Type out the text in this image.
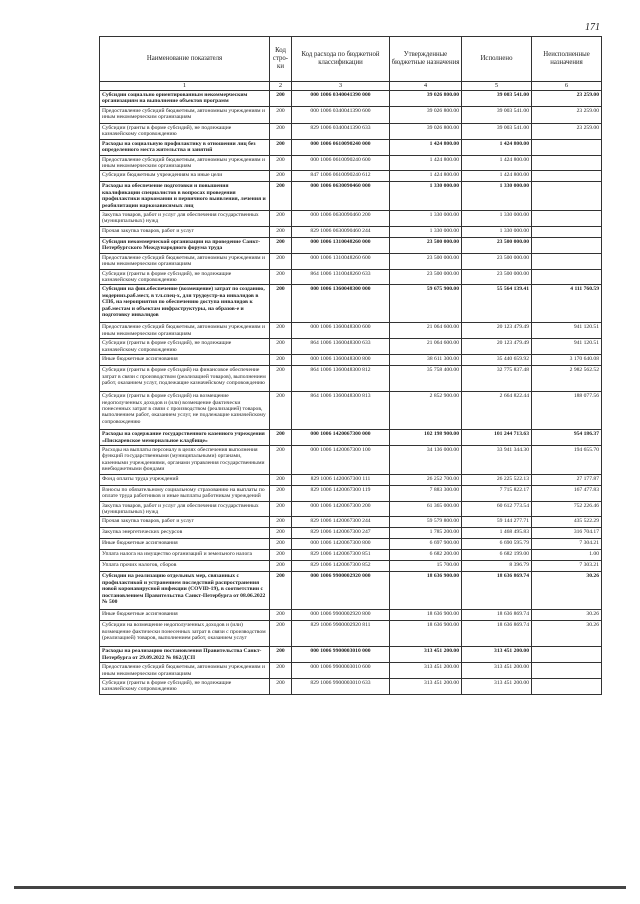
171
Наименование показателя	Код стро-ки	Код расхода по бюджетной классификации	Утвержденные бюджетные назначения	Исполнено	Неисполненные назначения
1	2	3	4	5	6
Субсидии социально ориентированным некоммерческим организациям на выполнение объектов программ	200	000 1006 0340041390 000	39 026 800.00	39 003 541.00	23 259.00
Предоставление субсидий бюджетным, автономным учреждениям и иным некоммерческим организациям	200	000 1006 0340041390 600	39 026 800.00	39 003 541.00	23 259.00
Субсидии (гранты в форме субсидий), не подлежащие казначейскому сопровождению	200	829 1006 0340041390 633	39 026 800.00	39 003 541.00	23 259.00
Расходы на социальную профилактику в отношении лиц без определенного места жительства и занятий	200	000 1006 0610090240 000	1 424 800.00	1 424 800.00	
Предоставление субсидий бюджетным, автономным учреждениям и иным некоммерческим организациям	200	000 1006 0610090240 600	1 424 800.00	1 424 800.00	
Субсидии бюджетным учреждениям на иные цели	200	847 1006 0610090240 612	1 424 800.00	1 424 800.00	
Расходы на обеспечение подготовки и повышения квалификации специалистов в вопросах проведения профилактики наркомании и первичного выявления, лечения и реабилитации наркозависимых лиц	200	000 1006 0630090460 000	1 330 000.00	1 330 000.00	
Закупка товаров, работ и услуг для обеспечения государственных (муниципальных) нужд	200	000 1006 0630090460 200	1 330 000.00	1 330 000.00	
Прочая закупка товаров, работ и услуг	200	829 1006 0630090460 244	1 330 000.00	1 330 000.00	
Субсидия некоммерческой организации на проведение Санкт-Петербургского Международного форума труда	200	000 1006 1310048260 000	23 500 000.00	23 500 000.00	
Предоставление субсидий бюджетным, автономным учреждениям и иным некоммерческим организациям	200	000 1006 1310048260 600	23 500 000.00	23 500 000.00	
Субсидии (гранты в форме субсидий), не подлежащие казначейскому сопровождению	200	864 1006 1310048260 633	23 500 000.00	23 500 000.00	
Субсидии на фин.обеспечение (возмещение) затрат по созданию, модерниз.раб.мест, в т.ч.спец-х, для трудоустр-ва инвалидов в СПб, на мероприятия по обеспечению доступа инвалидов к раб.местам и объектам инфраструктуры, на образов-е и подготовку инвалидов	200	000 1006 1360048300 000	59 675 900.00	55 564 139.41	4 111 760.59
Предоставление субсидий бюджетным, автономным учреждениям и иным некоммерческим организациям	200	000 1006 1360048300 600	21 064 600.00	20 123 479.49	941 120.51
Субсидии (гранты в форме субсидий), не подлежащие казначейскому сопровождению	200	864 1006 1360048300 633	21 064 600.00	20 123 479.49	941 120.51
Иные бюджетные ассигнования	200	000 1006 1360048300 800	38 611 300.00	35 440 659.92	3 170 640.08
Субсидии (гранты в форме субсидий) на финансовое обеспечение затрат в связи с производством (реализацией товаров), выполнением работ, оказанием услуг, подлежащие казначейскому сопровождению	200	864 1006 1360048300 812	35 758 400.00	32 775 837.48	2 982 562.52
Субсидии (гранты в форме субсидий) на возмещение недополученных доходов и (или) возмещение фактически понесенных затрат в связи с производством (реализацией) товаров, выполнением работ, оказанием услуг, не подлежащие казначейскому сопровождению	200	864 1006 1360048300 813	2 852 900.00	2 664 822.44	188 077.56
Расходы на содержание государственного казенного учреждения «Пискаревское мемориальное кладбище»	200	000 1006 1420067300 000	102 198 900.00	101 244 713.63	954 186.37
Расходы на выплаты персоналу в целях обеспечения выполнения функций государственными (муниципальными) органами, казенными учреждениями, органами управления государственными внебюджетными фондами	200	000 1006 1420067300 100	34 136 000.00	33 941 344.30	194 655.70
Фонд оплаты труда учреждений	200	829 1006 1420067300 111	26 252 700.00	26 225 522.13	27 177.87
Взносы по обязательному социальному страхованию на выплаты по оплате труда работников и иные выплаты работникам учреждений	200	829 1006 1420067300 119	7 883 300.00	7 715 822.17	167 477.83
Закупка товаров, работ и услуг для обеспечения государственных (муниципальных) нужд	200	000 1006 1420067300 200	61 365 000.00	60 612 773.54	752 226.46
Прочая закупка товаров, работ и услуг	200	829 1006 1420067300 244	59 579 800.00	59 144 277.71	435 522.29
Закупка энергетических ресурсов	200	829 1006 1420067300 247	1 785 200.00	1 468 495.83	316 704.17
Иные бюджетные ассигнования	200	000 1006 1420067300 800	6 697 900.00	6 690 595.79	7 304.21
Уплата налога на имущество организаций и земельного налога	200	829 1006 1420067300 851	6 682 200.00	6 682 199.00	1.00
Уплата прочих налогов, сборов	200	829 1006 1420067300 852	15 700.00	8 396.79	7 303.21
Субсидии на реализацию отдельных мер, связанных с профилактикой и устранением последствий распространения новой коронавирусной инфекции (COVID-19), в соответствии с постановлением Правительства Санкт-Петербурга от 08.06.2022 № 500	200	000 1006 9900002920 000	18 636 900.00	18 636 869.74	30.26
Иные бюджетные ассигнования	200	000 1006 9900002920 800	18 636 900.00	18 636 869.74	30.26
Субсидии на возмещение недополученных доходов и (или) возмещение фактически понесенных затрат в связи с производством (реализацией) товаров, выполнением работ, оказанием услуг	200	829 1006 9900002920 811	18 636 900.00	18 636 869.74	30.26
Расходы на реализацию постановления Правительства Санкт-Петербурга от 29.09.2022 № 862/ДСП	200	000 1006 9900003010 000	313 451 200.00	313 451 200.00	
Предоставление субсидий бюджетным, автономным учреждениям и иным некоммерческим организациям	200	000 1006 9900003010 600	313 451 200.00	313 451 200.00	
Субсидии (гранты в форме субсидий), не подлежащие казначейскому сопровождению	200	829 1006 9900003010 633	313 451 200.00	313 451 200.00	
